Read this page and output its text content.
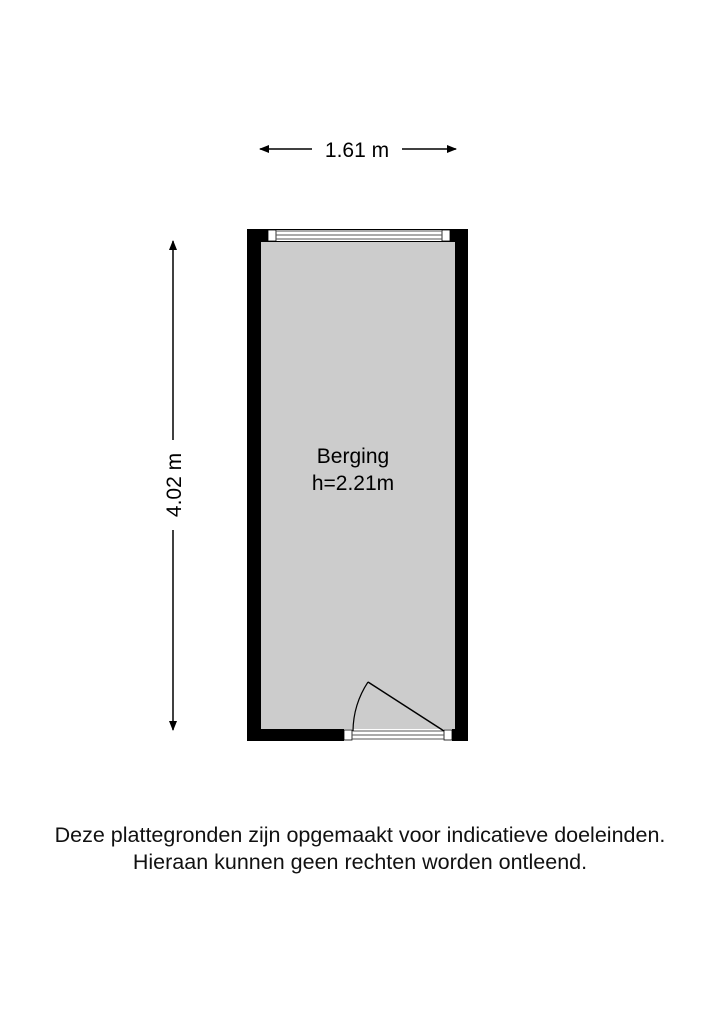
1.61 m
4.02 m	Berging
h=2.21m
Deze plattegronden zijn opgemaakt voor indicatieve doeleinden.
Hieraan kunnen geen rechten worden ontleend.
